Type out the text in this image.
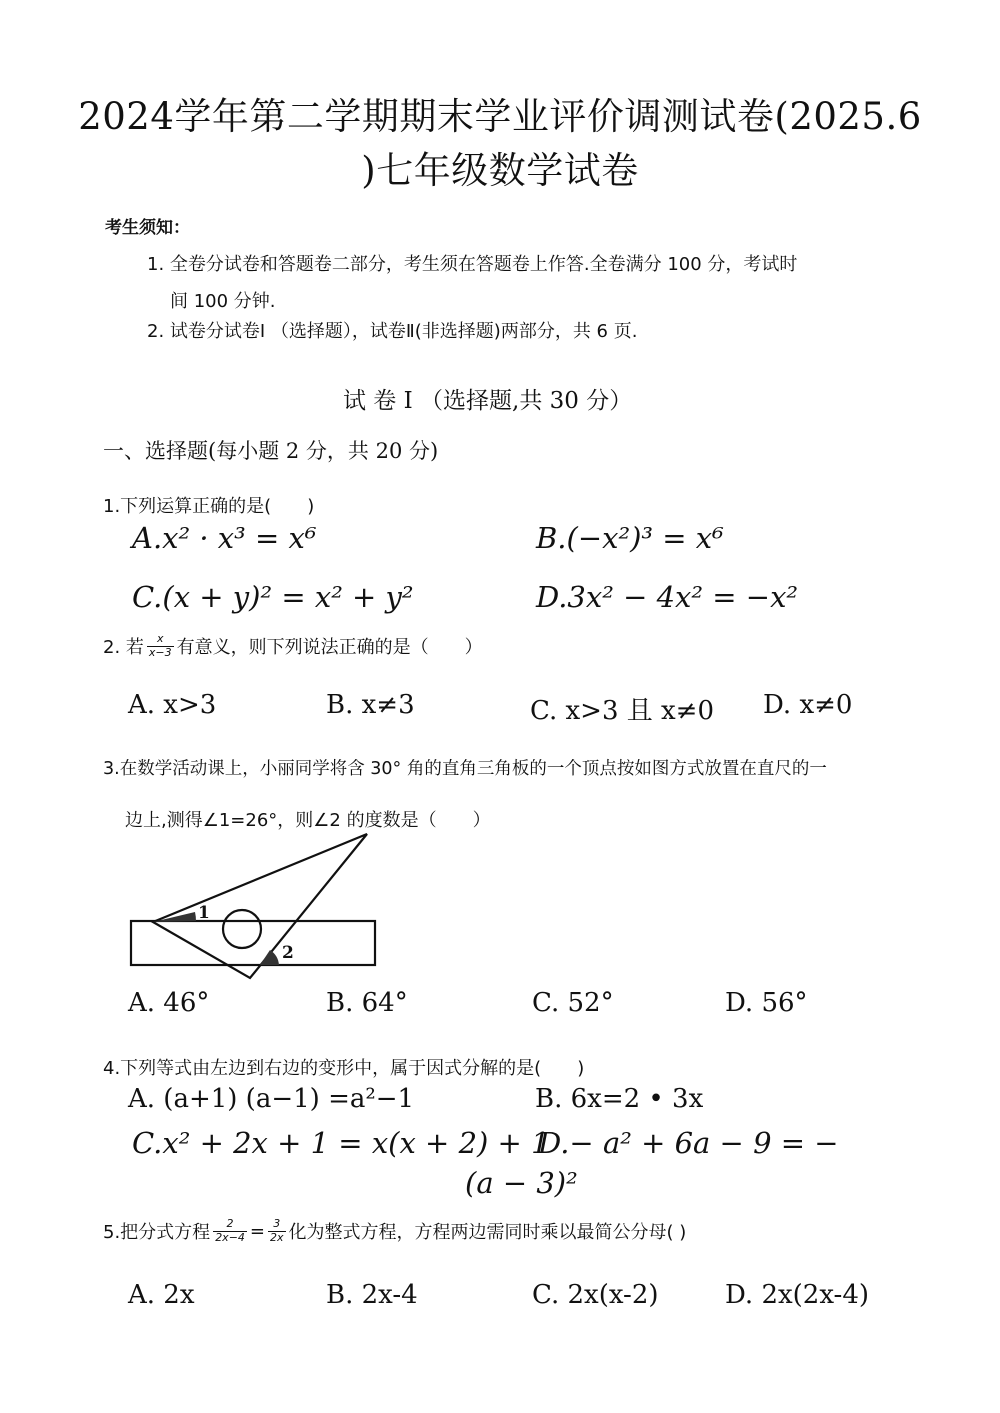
2024学年第二学期期末学业评价调测试卷(2025.6
)七年级数学试卷
考生须知：
1. 全卷分试卷和答题卷二部分，考生须在答题卷上作答.全卷满分 100 分，考试时
间 100 分钟.
2. 试卷分试卷Ⅰ （选择题），试卷Ⅱ(非选择题)两部分，共 6 页.
试 卷 Ⅰ （选择题,共 30 分）
一、选择题(每小题 2 分，共 20 分)
1.下列运算正确的是(　　)
A.x² · x³ = x⁶	B.(−x²)³ = x⁶
C.(x + y)² = x² + y²	D.3x² − 4x² = −x²
2. 若 $\frac{x}{x-3}$ 有意义，则下列说法正确的是（　　）
A. x>3	B. x≠3	C. x>3 且 x≠0 D. x≠0
3.在数学活动课上，小丽同学将含 30° 角的直角三角板的一个顶点按如图方式放置在直尺的一
边上,测得∠1=26°，则∠2 的度数是（　　）
1
2
A. 46°	B. 64°	C. 52°	D. 56°
4.下列等式由左边到右边的变形中，属于因式分解的是(　　)
A. (a+1) (a−1) =a²−1	B. 6x=2 • 3x
C.x² + 2x + 1 = x(x + 2) + 1
D.− a² + 6a − 9 = −
(a − 3)²
5.把分式方程 $\frac{2}{2x-4} = \frac{3}{2x}$ 化为整式方程，方程两边需同时乘以最简公分母( )
A. 2x	B. 2x-4	C. 2x(x-2)	D. 2x(2x-4)
